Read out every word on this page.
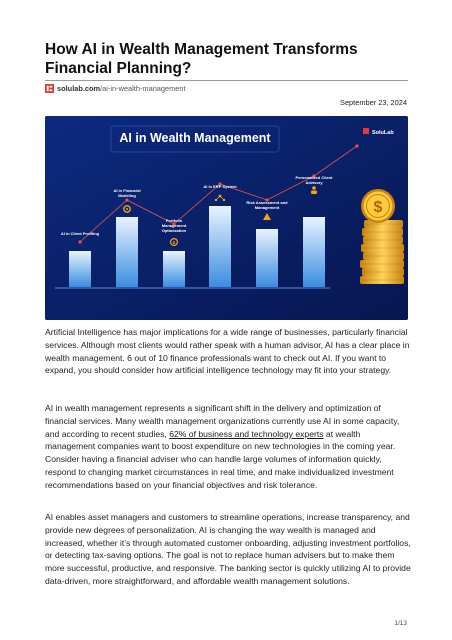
How AI in Wealth Management Transforms Financial Planning?
solulab.com /ai-in-wealth-management
September 23, 2024
AI in Wealth Management	SoluLab
$
AI in Client Profiling
AI in Financial
Modeling
Portfolio
Management
Optimization
AI in ERP System
Risk Assessment and
Management
Personalized Client
Advisory
$

Artificial Intelligence has major implications for a wide range of businesses, particularly financial services. Although most clients would rather speak with a human advisor, AI has a clear place in wealth management. 6 out of 10 finance professionals want to check out AI. If you want to expand, you should consider how artificial intelligence technology may fit into your strategy.

AI in wealth management represents a significant shift in the delivery and optimization of financial services. Many wealth management organizations currently use AI in some capacity, and according to recent studies, 62% of business and technology experts at wealth management companies want to boost expenditure on new technologies in the coming year. Consider having a financial adviser who can handle large volumes of information quickly, respond to changing market circumstances in real time, and make individualized investment recommendations based on your financial objectives and risk tolerance.

AI enables asset managers and customers to streamline operations, increase transparency, and provide new degrees of personalization. AI is changing the way wealth is managed and increased, whether it’s through automated customer onboarding, adjusting investment portfolios, or detecting tax-saving options. The goal is not to replace human advisers but to make them more successful, productive, and responsive. The banking sector is quickly utilizing AI to provide data-driven, more straightforward, and affordable wealth management solutions.

1/13
